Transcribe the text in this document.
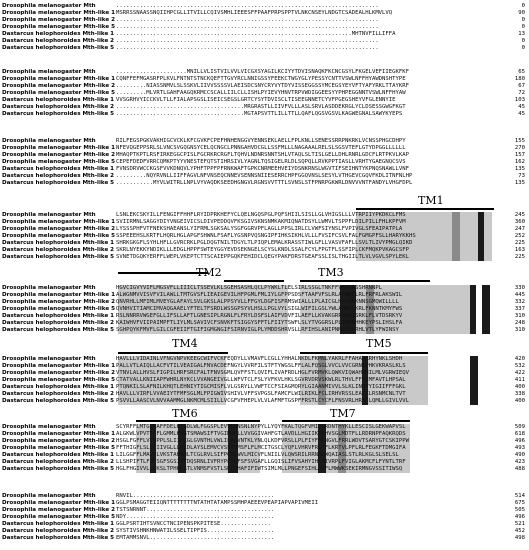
Drosophila melanogaster Mth	..............................................................................	0
Drosophila melanogaster Mth-like 1 MSRRSSNAASSNQIIHPCGLLITVILLCQIVSMHLIEEESFFPAAFPRPSPPTVLNKCNSEYLNDGTCSADEALHLKMVLVQ	90
Drosophila melanogaster Mth-like 2 ..............................................................................	0
Drosophila melanogaster Mth-like 5 ..............................................................................	0
Dastarcus helophoroides Mth-like 1 ......................................................................MHTNVFILLIFFA	13
Dastarcus helophoroides Mth-like 2 ..............................................................................	0
Dastarcus helophoroides Mth-like 5 ..............................................................................	0
Drosophila melanogaster Mth	.....................MNILLVLISTVILVVLVICGXSYAGILKCIYYTDVISNAQKFKCNCGSYLFKGELVEFIIEGKFKF	65
Drosophila melanogaster Mth-like 1 CQNFFEFMGASRFPLKVLFNTNTSTNCKQEFTTGVYRCLNNIGSSYFEEKCTWGYGLYPESSYCNTTVSWLNFFHYAWDNSHTYPE	180
Drosophila melanogaster Mth-like 2 .........NIASSNMVLSLSSKVLIIVVSSSSVLAEISDCSNYCRYVYTDYVISSEGGSSYMCEGSYEYVFTYAFYRKLTTAYKRF	67
Drosophila melanogaster Mth-like 5 .........MLVRTLGAHFAAGQKRMCCSCALLIILCLLISHLPYIEVYHNVTRPVWDIGGEESYYPHPEGGNNTVSWLNFFHYAW	72
Dastarcus helophoroides Mth-like 1 VVSGRHVYICCKVLTLLFIALAPSGSLISEICSEGSLGRTCYSYTDVISCLTISEEGNNETCYVFPGEGSHEYVFGLENNYIE	103
Dastarcus helophoroides Mth-like 2 ......................................MRGRASTLLIIVFVLLLASLSRVLASDDEKRGLYCLDSESSGWGFKGT	45
Dastarcus helophoroides Mth-like 5 ......................................MGTAPSVTTLILLTTLLQAFLQGSVGSVLKAGWEGNALSAWYKYEPS	45
Drosophila melanogaster Mth	RILFEGSPGKVAKHIGCVCKLKFCGVKFCPEFHNHENGGVYENNSEKLAELLFPLKNLLSENESSRRPNKRKLVCNSSPHGCDHPY	155
Drosophila melanogaster Mth-like 1 NFEVQGEPPSRLSLVNCSVGQGNSYCELQCNGCLPNNGAHVDCGLLSSFMLLLNAGAAALRELSLSGSVTEFLGTYDPGGLLLLLL	270
Drosophila melanogaster Mth-like 2 MHAQPTKPTLRSFIRKEGGCPISLFGCRKRCRGFLTQHVLNDNRSNNTSHLVTAQLSLTISLGELLDHLRNRLGDCFLRTPKVLKAP	157
Drosophila melanogaster Mth-like 5 CEPEFDEDFVRRCQMKPTYYVNESTEFQTSTIHRSIVLYAGNLTQSIGELRLDLSQPQLLRVKPPTIASLLVRHTYGAEGNQCSVS	162
Dastarcus helophoroides Mth-like 1 FVNSDRVWCCKGSFVVKDNQVLYPHFTPPFPFRNKWAFTGPKCNRMEEHVEIYDSNKRNSLWGVTIFSEIHNTYKPNQSNAWLLVNF	135
Dastarcus helophoroides Mth-like 2 .........NQYRVNLLIIFFAGVLNFVNSEQCNNEVSENNSNIIESERRCHPFGGQVNSLSESYLVTHGEVCGQVFKDLITNFNLHP	73
Dastarcus helophoroides Mth-like 5 ...........MYVLWITRLLNPLVYVAQDKSEEDHGNGVLRGNSVVTTTLSVNSLSTFPNRPGKWRLDNVVVNTFANDYLVHGFDPL	135
TM1
Drosophila melanogaster Mth	LSNLEKCSKYILLFENGIFFHHFLRYIDPRKHEFYCLQELNGQSPGLPQFSHIILSISLLGLVHIGSLLLVTRPIIYPKDKCLFMS	245
Drosophila melanogaster Mth-like 1 SVIIRMNLSAGGYDIYVNGEIVICSLDIVPEDDQVFKSGIVSKNSNMKAKMIQNATDSYLLWMVLTSPPFLDILPILLFHLKPFVM	360
Drosophila melanogaster Mth-like 2 LYSSSPHFVTFNEKSHAEANSLYIFRMLSGKSALYSGFGGRVPFLAGLLPPSLIRLCLVWFSIYNSLFVPIVGLSFEAIPATPLA	247
Drosophila melanogaster Mth-like 5 SSPEEEHSLKRTFLHQRLHGLAPGFSHWNLFSAFLYGSNPVQSNGIPFIHKSIKHLVLLLFVSIFCSVLFALFGMGPFSLLHARYKKHS	252
Dastarcus helophoroides Mth-like 1 SHRKGKGFLSYHLHFLLGVRCRKLPGLDQGTNILTDGYLTLPIQPLEMALKRASSTIWLGFLLVASVFAFLLSVLTLIVYPMGLQIKD	225
Dastarcus helophoroides Mth-like 2 SKRLNYEKKYNDIKLLLEDGLHPPFSWTEYGGYEVDSEKNGELSCYSLKNDLSSALFCYLFPGTFLSSFIPLCKFMQKPVKAGCSFP	163
Dastarcus helophoroides Mth-like 5 SVNETDGQKYERFFLWEPLVKEPTCTTSCAIEPPGQKFEHIDCLQEGYPAKFDRSTGEAFSSLISLTHGIILTLVLVGVLSPYLEKL	225
TM2	TM3
Drosophila melanogaster Mth	HGVCIGVYVIFLMGSVFLLIIICLTSSEVLKLSGEHSASHLQCLPYWKLTLELSIRLSSGLTNKFFVPHGRSSHRNNPL	330
Drosophila melanogaster Mth-like 1 ALWGNMVVISVFVILAWLLTMTGVSFLIEAIGEVILHFPGMLFMLIYLGFPPSDSFTAAFVFSLRLAFWRVLRLFRFRLAKSWIL	445
Drosophila melanogaster Mth-like 2 QNVRHLLMFIMLMVEYGLAFAYLSVLGKSLALPPSYVLLFFGYLDGFISFRMSWIALLLPLAICGLHLTHRKNNSGMQWILLLL	332
Drosophila melanogaster Mth-like 5 QVNHVITIAMCIMVAQGAAELYFTELTFSRDLWSSGPSYVLHSLLPGLVYLSIGLWIFILGSLYWLAHNKLKRLFKNNTKMYFWS	337
Dastarcus helophoroides Mth-like 1 RSLNNRRVWGEFGLLIFSLLAFTLGNESIPLRGNLFLFRYLDSFSLAIFVDVFILAEFLLKVAKGRPRRNSSRKLFLVTDSRKYV	310
Dastarcus helophoroides Mth-like 2 KAIWHVFVIIPAIMPFTLIYLMLSAVIVCFSNVKFTSIGGYSFFTLFIIYTSWFLSLYTVGGRSLPLTNGRHHKEYPSLIHSLFA	248
Dastarcus helophoroides Mth-like 5 SGHPQYKFMVFLGILCGFEIIFTGIFIGMGNGIFSIRNVIGLPLYMDDSHRVSLLRFIHSLANIPNMLAYLRHLVTLYFWINSY	310
TM4	TM5
Drosophila melanogaster Mth	HAVLLLVIDAINLVFNGVNPVKEEGCWIFVCKFEQDYLLVMAVFLCGLLYHHALNKDLFKMNLYAKRLFFAHAKRRHYNKLSHDH	420
Drosophila melanogaster Mth-like 1 PALLVTLAIQLLACFVTILVEAIGALFNVACDEFNGYLVVRFILSTFTYWGSLFFLALFQSGLVVCLVVCGRNMPHKVKRASLKLS	532
Drosophila melanogaster Mth-like 2 VTNVLALLHVSLFIGPILHRFSRCFALTFNVSGMLQVFFSTLQVIFLIVAFRDLHGLFVRMVKLQWKVIQWAHWNILMLVGRWIEQV	422
Drosophila melanogaster Mth-like 5 CTATVALLKNIIAPFWHRLNYKCLVVANGEIVGLLWFVTCLFSLYVFKVLHKLSGVRVDRVSKWLRLTHVLFFMIMFAVTLHPSAL	411
Dastarcus helophoroides Mth-like 1 PTQNKILSLAFNILKHQTLEHNIYTIGCMISFLVLGSRYLLVWFTCCFSIAGMQRYLGIAANMIVVLSLKLINHTYIGIIFFFGKL	400
Dastarcus helophoroides Mth-like 2 HAVLLLVIRFLVVAEIYTFMFSGLMLFPIGWIVSHIVLVFFSVPGSLFAMCFLWILRIKLFCLIRHVRSSLEATKLRSNMCNLTVT	338
Dastarcus helophoroides Mth-like 5 PSVVLLAASCVLNVVAAMMGLNKMCMLSIILLVCGFVFHEPLVLVLAFMFTGSPFFRSTLCYCFLFNSVRLHRMILQMLLGIVLVVL	400
TM6	TM7
Drosophila melanogaster Mth	SCYRFFLMTGVYAFFDELKTGDLWLFGGSPLEVVLGNSNLNYPYLLYQYFKALTQGFVMILSRDNTHYKLLESCISLGEKWAPVSL	509
Drosophila melanogaster Mth-like 1 ALGKWLVPVTTGFLGMMLKSGTSMAWSIFTVGIMWVLLVVGGIVAHFGTLAVDLLHGIIKYFHVSGLMDTFLLRDRNPFAQKRQDS	618
Drosophila melanogaster Mth-like 2 HSGLFGFFLVTVPPLSLIIAKGLGVNTHLVWLIFAGVNTKLYNLQLKDFVRSLLPLFIYFHLNGVLFRRLWDVTSARYGTCSKIPPW	496
Drosophila melanogaster Mth-like 5 FFTHIGFLSLSCIIVGLLLNLDLAYSLEMVCVSFTVMSFLFLMCITGSCLYQFLVHRVFRGTFLKRTVLPFLRLFEGKFTDMGIFA	493
Dastarcus helophoroides Mth-like 1 LILGGFFLMAVVLVKSTAHVHLTCGLRVLSIFPGVLWVLMICVFLNIILVLQWSRILRRNHLWQAIASLSTLRLKGLSLSELSL	490
Dastarcus helophoroides Mth-like 2 LLSHPIFTLFHFSGFSGSIVYDQSRNLIVFRYPLYRFSFSVGAFLLGQISLIFVSAHYIHLHIVRPLFVIGLAKMCFLFYNTLTRF	423
Dastarcus helophoroides Mth-like 5 HGLFHGIVVLLQKSLTPHKCATLVNMSFVSTLSRFRHAFIFIWTSIMLMLLPNGEFSIHLVGFLMWWKSEKIRMNGVSSITIWSQ	488
Drosophila melanogaster Mth	RNVIL..........................................	514
Drosophila melanogaster Mth-like 1 GGLPSMAGGTEIIQNTTTTTTTTNTATHTATAMPSSMHPAEEEVPEAPIAPVAPIVMEII	675
Drosophila melanogaster Mth-like 2 TSTSNRNNT......................................	505
Drosophila melanogaster Mth-like 5 NDY............................................	496
Dastarcus helophoroides Mth-like 1 GGLPSRTIHTSVNCCTNCIPENSPKPITESE...............	521
Dastarcus helophoroides Mth-like 2 SYSTIVSHNKHNWATILSSELTIPFIS....................	452
Dastarcus helophoroides Mth-like 5 EMTAMMSNVL.....................................	498
